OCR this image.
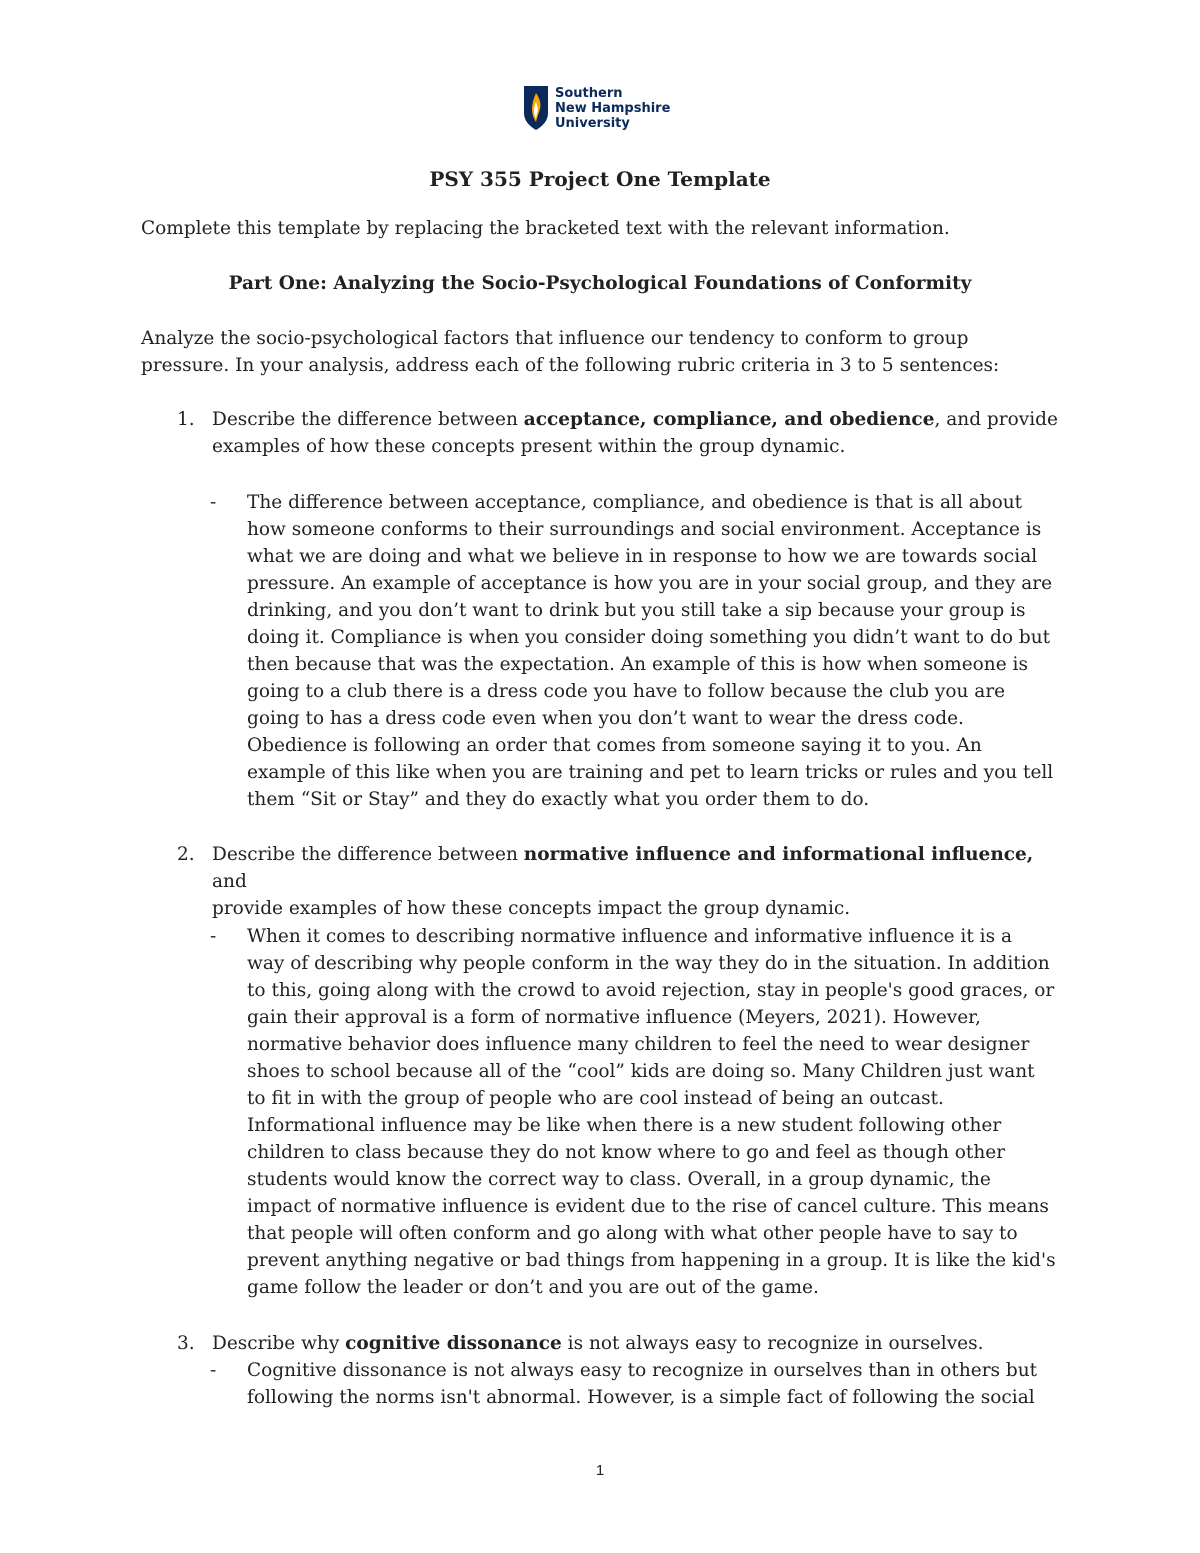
Southern
New Hampshire
University
PSY 355 Project One Template
Complete this template by replacing the bracketed text with the relevant information.
Part One: Analyzing the Socio-Psychological Foundations of Conformity
Analyze the socio-psychological factors that influence our tendency to conform to group
pressure. In your analysis, address each of the following rubric criteria in 3 to 5 sentences:
1. Describe the difference between acceptance, compliance, and obedience, and provide
examples of how these concepts present within the group dynamic.
- The difference between acceptance, compliance, and obedience is that is all about
how someone conforms to their surroundings and social environment. Acceptance is
what we are doing and what we believe in in response to how we are towards social
pressure. An example of acceptance is how you are in your social group, and they are
drinking, and you don’t want to drink but you still take a sip because your group is
doing it. Compliance is when you consider doing something you didn’t want to do but
then because that was the expectation. An example of this is how when someone is
going to a club there is a dress code you have to follow because the club you are
going to has a dress code even when you don’t want to wear the dress code.
Obedience is following an order that comes from someone saying it to you. An
example of this like when you are training and pet to learn tricks or rules and you tell
them “Sit or Stay” and they do exactly what you order them to do.
2. Describe the difference between normative influence and informational influence, and
provide examples of how these concepts impact the group dynamic.
- When it comes to describing normative influence and informative influence it is a
way of describing why people conform in the way they do in the situation. In addition
to this, going along with the crowd to avoid rejection, stay in people's good graces, or
gain their approval is a form of normative influence (Meyers, 2021). However,
normative behavior does influence many children to feel the need to wear designer
shoes to school because all of the “cool” kids are doing so. Many Children just want
to fit in with the group of people who are cool instead of being an outcast.
Informational influence may be like when there is a new student following other
children to class because they do not know where to go and feel as though other
students would know the correct way to class. Overall, in a group dynamic, the
impact of normative influence is evident due to the rise of cancel culture. This means
that people will often conform and go along with what other people have to say to
prevent anything negative or bad things from happening in a group. It is like the kid's
game follow the leader or don’t and you are out of the game.
3. Describe why cognitive dissonance is not always easy to recognize in ourselves.
- Cognitive dissonance is not always easy to recognize in ourselves than in others but
following the norms isn't abnormal. However, is a simple fact of following the social
1
